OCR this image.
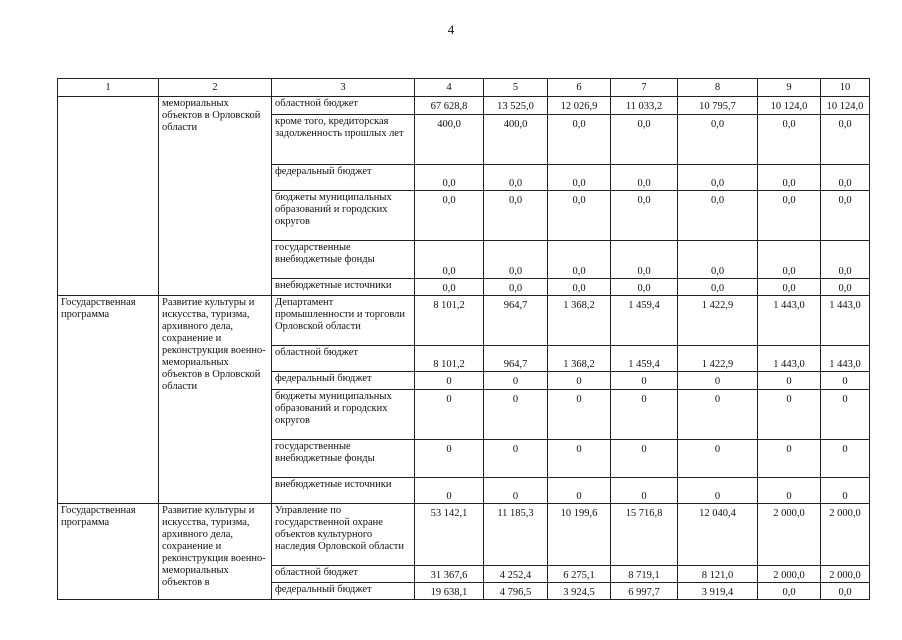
4
1	2	3	4	5	6	7	8	9	10
	мемориальных объектов в Орловской области	областной бюджет	67 628,8	13 525,0	12 026,9	11 033,2	10 795,7	10 124,0	10 124,0
		кроме того, кредиторская задолженность прошлых лет	400,0	400,0	0,0	0,0	0,0	0,0	0,0
		федеральный бюджет	0,0	0,0	0,0	0,0	0,0	0,0	0,0
		бюджеты муниципальных образований и городских округов	0,0	0,0	0,0	0,0	0,0	0,0	0,0
		государственные внебюджетные фонды	0,0	0,0	0,0	0,0	0,0	0,0	0,0
		внебюджетные источники	0,0	0,0	0,0	0,0	0,0	0,0	0,0
Государственная программа	Развитие культуры и искусства, туризма, архивного дела, сохранение и реконструкция военно-мемориальных объектов в Орловской области	Департамент промышленности и торговли Орловской области	8 101,2	964,7	1 368,2	1 459,4	1 422,9	1 443,0	1 443,0
		областной бюджет	8 101,2	964,7	1 368,2	1 459,4	1 422,9	1 443,0	1 443,0
		федеральный бюджет	0	0	0	0	0	0	0
		бюджеты муниципальных образований и городских округов	0	0	0	0	0	0	0
		государственные внебюджетные фонды	0	0	0	0	0	0	0
		внебюджетные источники	0	0	0	0	0	0	0
Государственная программа	Развитие культуры и искусства, туризма, архивного дела, сохранение и реконструкция военно-мемориальных объектов в	Управление по государственной охране объектов культурного наследия Орловской области	53 142,1	11 185,3	10 199,6	15 716,8	12 040,4	2 000,0	2 000,0
		областной бюджет	31 367,6	4 252,4	6 275,1	8 719,1	8 121,0	2 000,0	2 000,0
		федеральный бюджет	19 638,1	4 796,5	3 924,5	6 997,7	3 919,4	0,0	0,0
